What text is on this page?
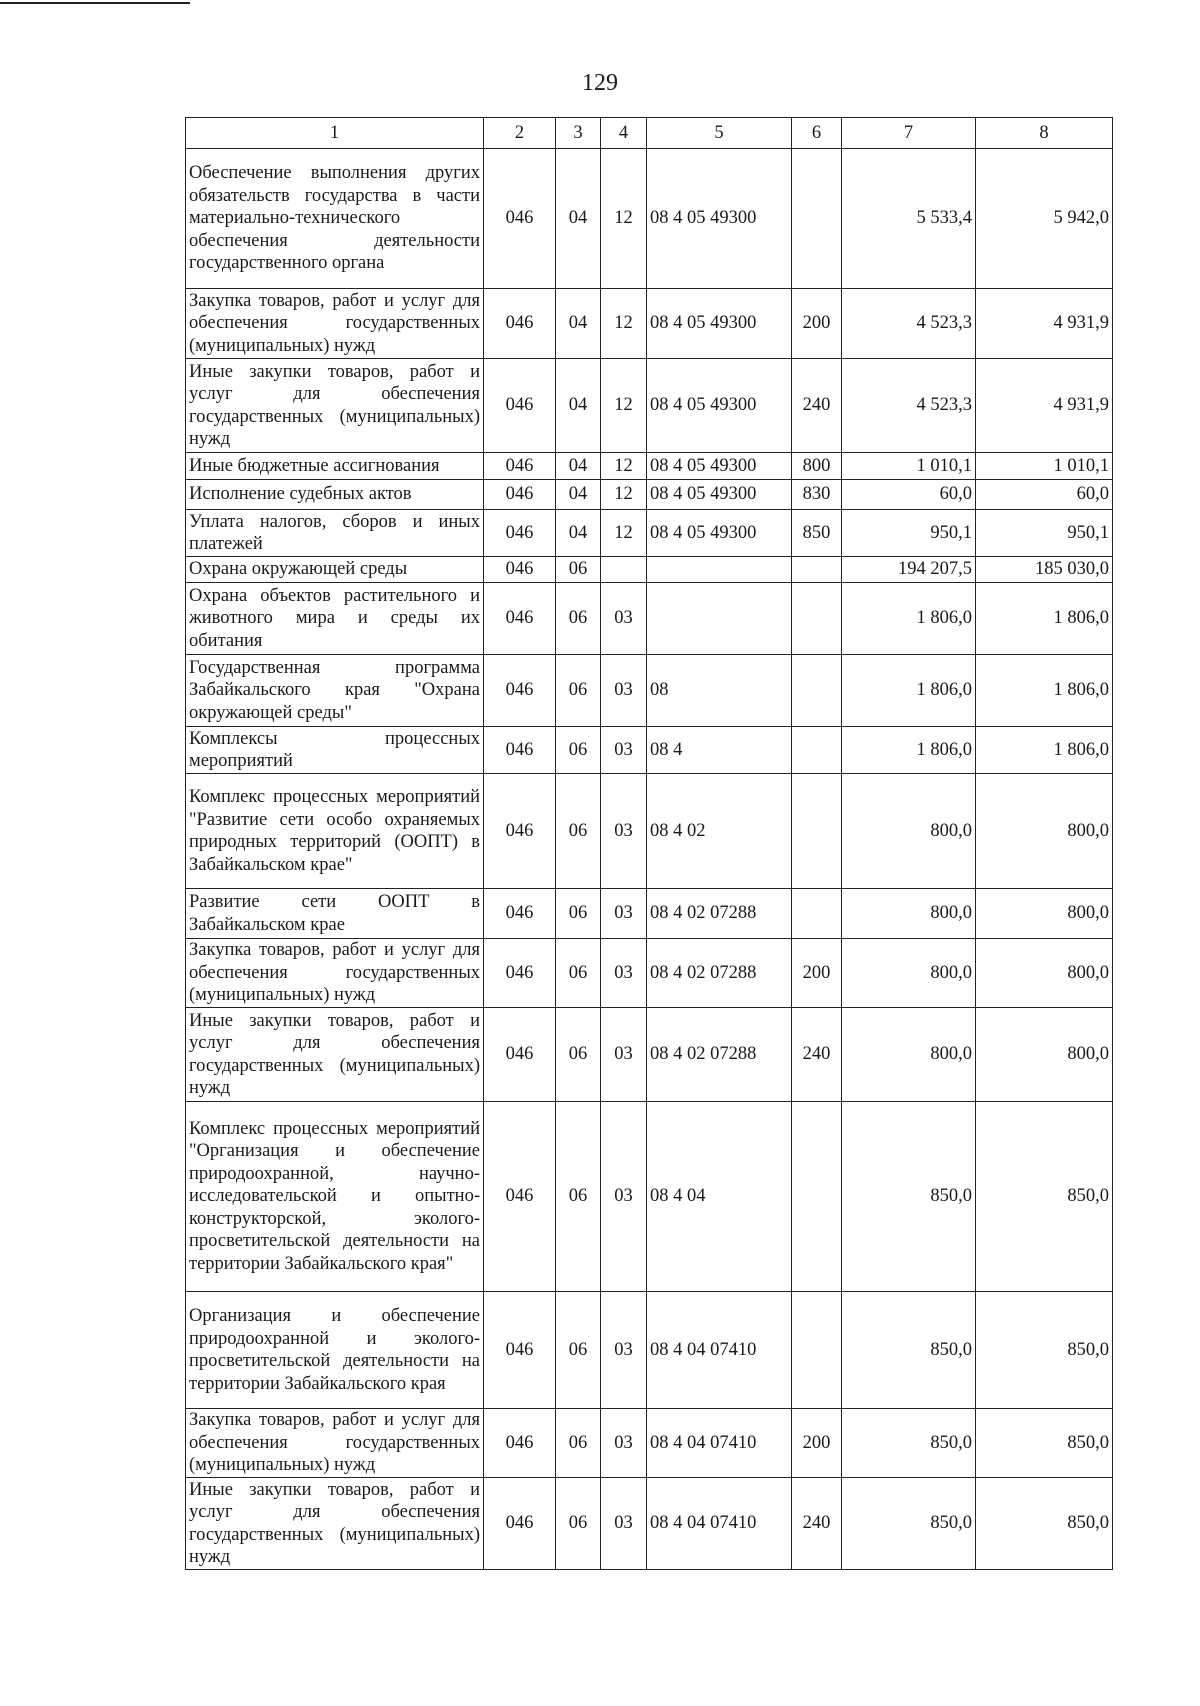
129
1	2	3	4	5	6	7	8
Обеспечение выполнения других обязательств государства в части материально-технического обеспечения деятельности государственного органа	046	04	12	08 4 05 49300		5 533,4	5 942,0
Закупка товаров, работ и услуг для обеспечения государственных (муниципальных) нужд	046	04	12	08 4 05 49300	200	4 523,3	4 931,9
Иные закупки товаров, работ и услуг для обеспечения государственных (муниципальных) нужд	046	04	12	08 4 05 49300	240	4 523,3	4 931,9
Иные бюджетные ассигнования	046	04	12	08 4 05 49300	800	1 010,1	1 010,1
Исполнение судебных актов	046	04	12	08 4 05 49300	830	60,0	60,0
Уплата налогов, сборов и иных платежей	046	04	12	08 4 05 49300	850	950,1	950,1
Охрана окружающей среды	046	06				194 207,5	185 030,0
Охрана объектов растительного и животного мира и среды их обитания	046	06	03			1 806,0	1 806,0
Государственная программа Забайкальского края "Охрана окружающей среды"	046	06	03	08		1 806,0	1 806,0
Комплексы процессных мероприятий	046	06	03	08 4		1 806,0	1 806,0
Комплекс процессных мероприятий "Развитие сети особо охраняемых природных территорий (ООПТ) в Забайкальском крае"	046	06	03	08 4 02		800,0	800,0
Развитие сети ООПТ в Забайкальском крае	046	06	03	08 4 02 07288		800,0	800,0
Закупка товаров, работ и услуг для обеспечения государственных (муниципальных) нужд	046	06	03	08 4 02 07288	200	800,0	800,0
Иные закупки товаров, работ и услуг для обеспечения государственных (муниципальных) нужд	046	06	03	08 4 02 07288	240	800,0	800,0
Комплекс процессных мероприятий "Организация и обеспечение природоохранной, научно-исследовательской и опытно-конструкторской, эколого-просветительской деятельности на территории Забайкальского края"	046	06	03	08 4 04		850,0	850,0
Организация и обеспечение природоохранной и эколого-просветительской деятельности на территории Забайкальского края	046	06	03	08 4 04 07410		850,0	850,0
Закупка товаров, работ и услуг для обеспечения государственных (муниципальных) нужд	046	06	03	08 4 04 07410	200	850,0	850,0
Иные закупки товаров, работ и услуг для обеспечения государственных (муниципальных) нужд	046	06	03	08 4 04 07410	240	850,0	850,0
